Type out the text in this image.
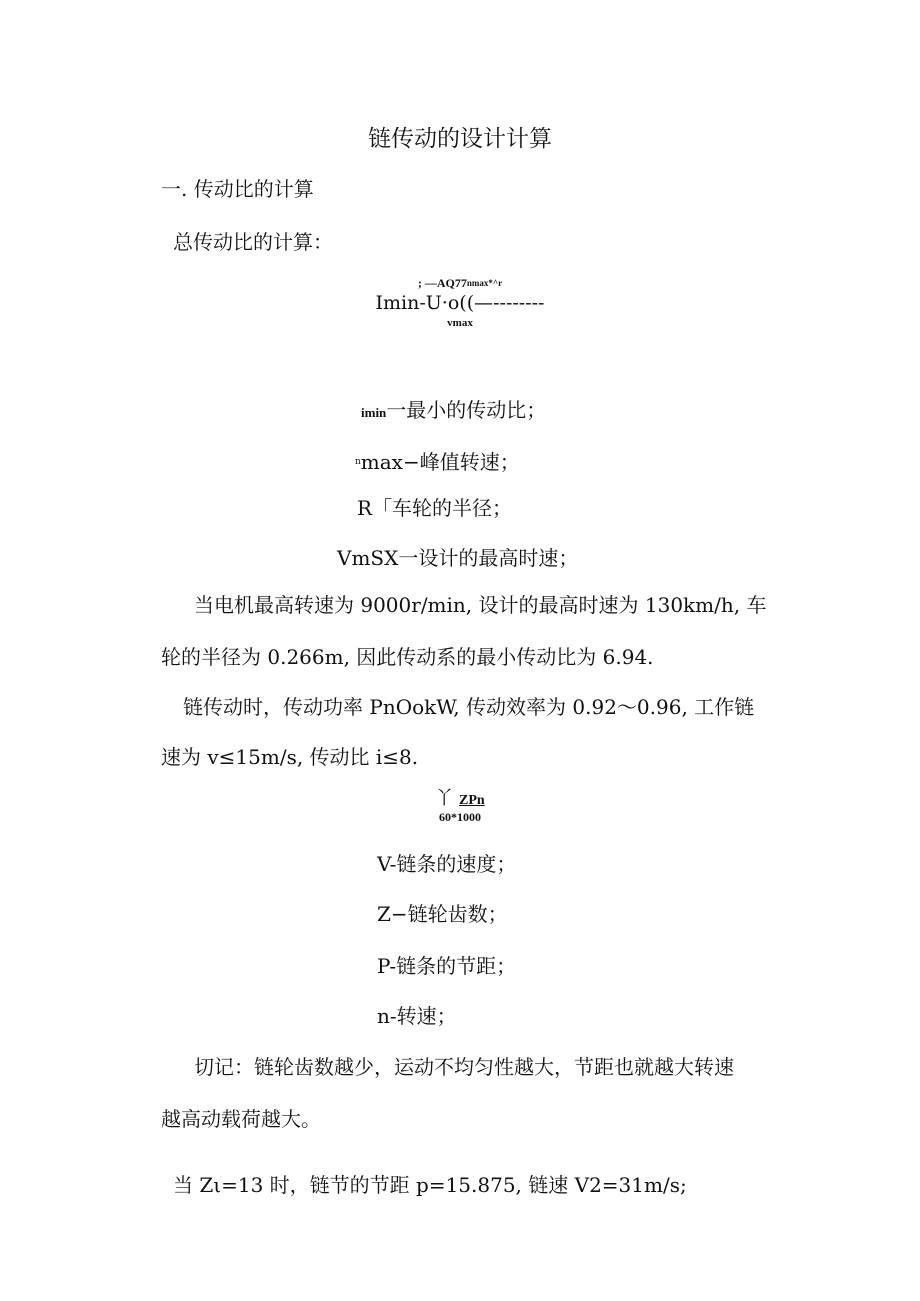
链传动的设计计算
一. 传动比的计算
总传动比的计算：
; $—AQ77^{nmax*\^{}r}$
Imin-U·o((—--------
vmax
imin一最小的传动比；
$^n$max−峰值转速；
R「车轮的半径；
VmSX一设计的最高时速；
当电机最高转速为 9000r/min, 设计的最高时速为 130km/h, 车
轮的半径为 0.266m, 因此传动系的最小传动比为 6.94.
链传动时，传动功率 PnOokW, 传动效率为 0.92～0.96, 工作链
速为 v≤15m/s, 传动比 i≤8.
丫 ZPn
60*1000
V-链条的速度；
Z−链轮齿数；
P-链条的节距；
n-转速；
切记：链轮齿数越少，运动不均匀性越大，节距也就越大转速
越高动载荷越大。
当 Zι=13 时，链节的节距 p=15.875, 链速 V2=31m/s;
